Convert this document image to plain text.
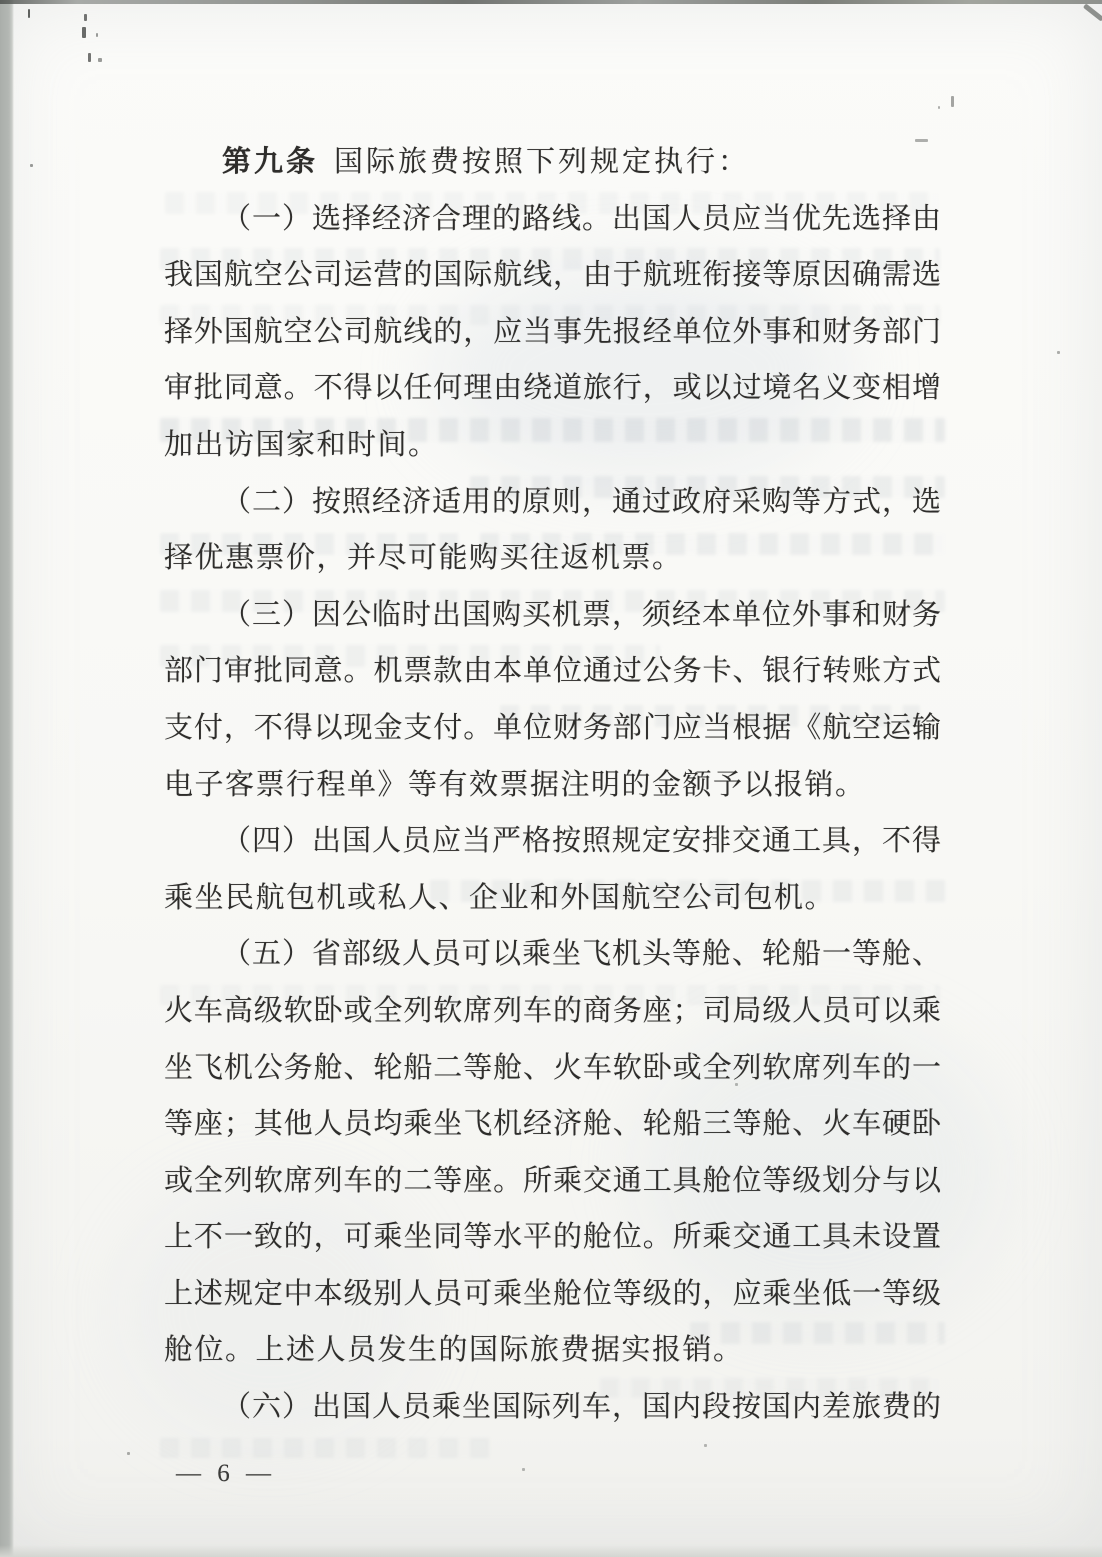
第九条 国际旅费按照下列规定执行：
（一）选择经济合理的路线。出国人员应当优先选择由
我国航空公司运营的国际航线，由于航班衔接等原因确需选
择外国航空公司航线的，应当事先报经单位外事和财务部门
审批同意。不得以任何理由绕道旅行，或以过境名义变相增
加出访国家和时间。
（二）按照经济适用的原则，通过政府采购等方式，选
择优惠票价，并尽可能购买往返机票。
（三）因公临时出国购买机票，须经本单位外事和财务
部门审批同意。机票款由本单位通过公务卡、银行转账方式
支付，不得以现金支付。单位财务部门应当根据《航空运输
电子客票行程单》等有效票据注明的金额予以报销。
（四）出国人员应当严格按照规定安排交通工具，不得
乘坐民航包机或私人、企业和外国航空公司包机。
（五）省部级人员可以乘坐飞机头等舱、轮船一等舱、
火车高级软卧或全列软席列车的商务座；司局级人员可以乘
坐飞机公务舱、轮船二等舱、火车软卧或全列软席列车的一
等座；其他人员均乘坐飞机经济舱、轮船三等舱、火车硬卧
或全列软席列车的二等座。所乘交通工具舱位等级划分与以
上不一致的，可乘坐同等水平的舱位。所乘交通工具未设置
上述规定中本级别人员可乘坐舱位等级的，应乘坐低一等级
舱位。上述人员发生的国际旅费据实报销。
（六）出国人员乘坐国际列车，国内段按国内差旅费的
— 6 —
